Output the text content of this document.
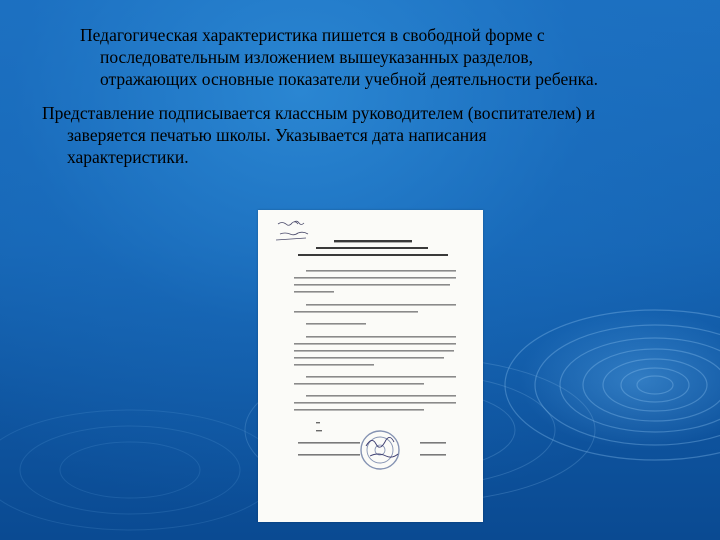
Педагогическая характеристика пишется в свободной форме с
последовательным изложением вышеуказанных разделов,
отражающих основные показатели учебной деятельности ребенка.
Представление подписывается классным руководителем (воспитателем) и
заверяется печатью школы. Указывается дата написания
характеристики.
